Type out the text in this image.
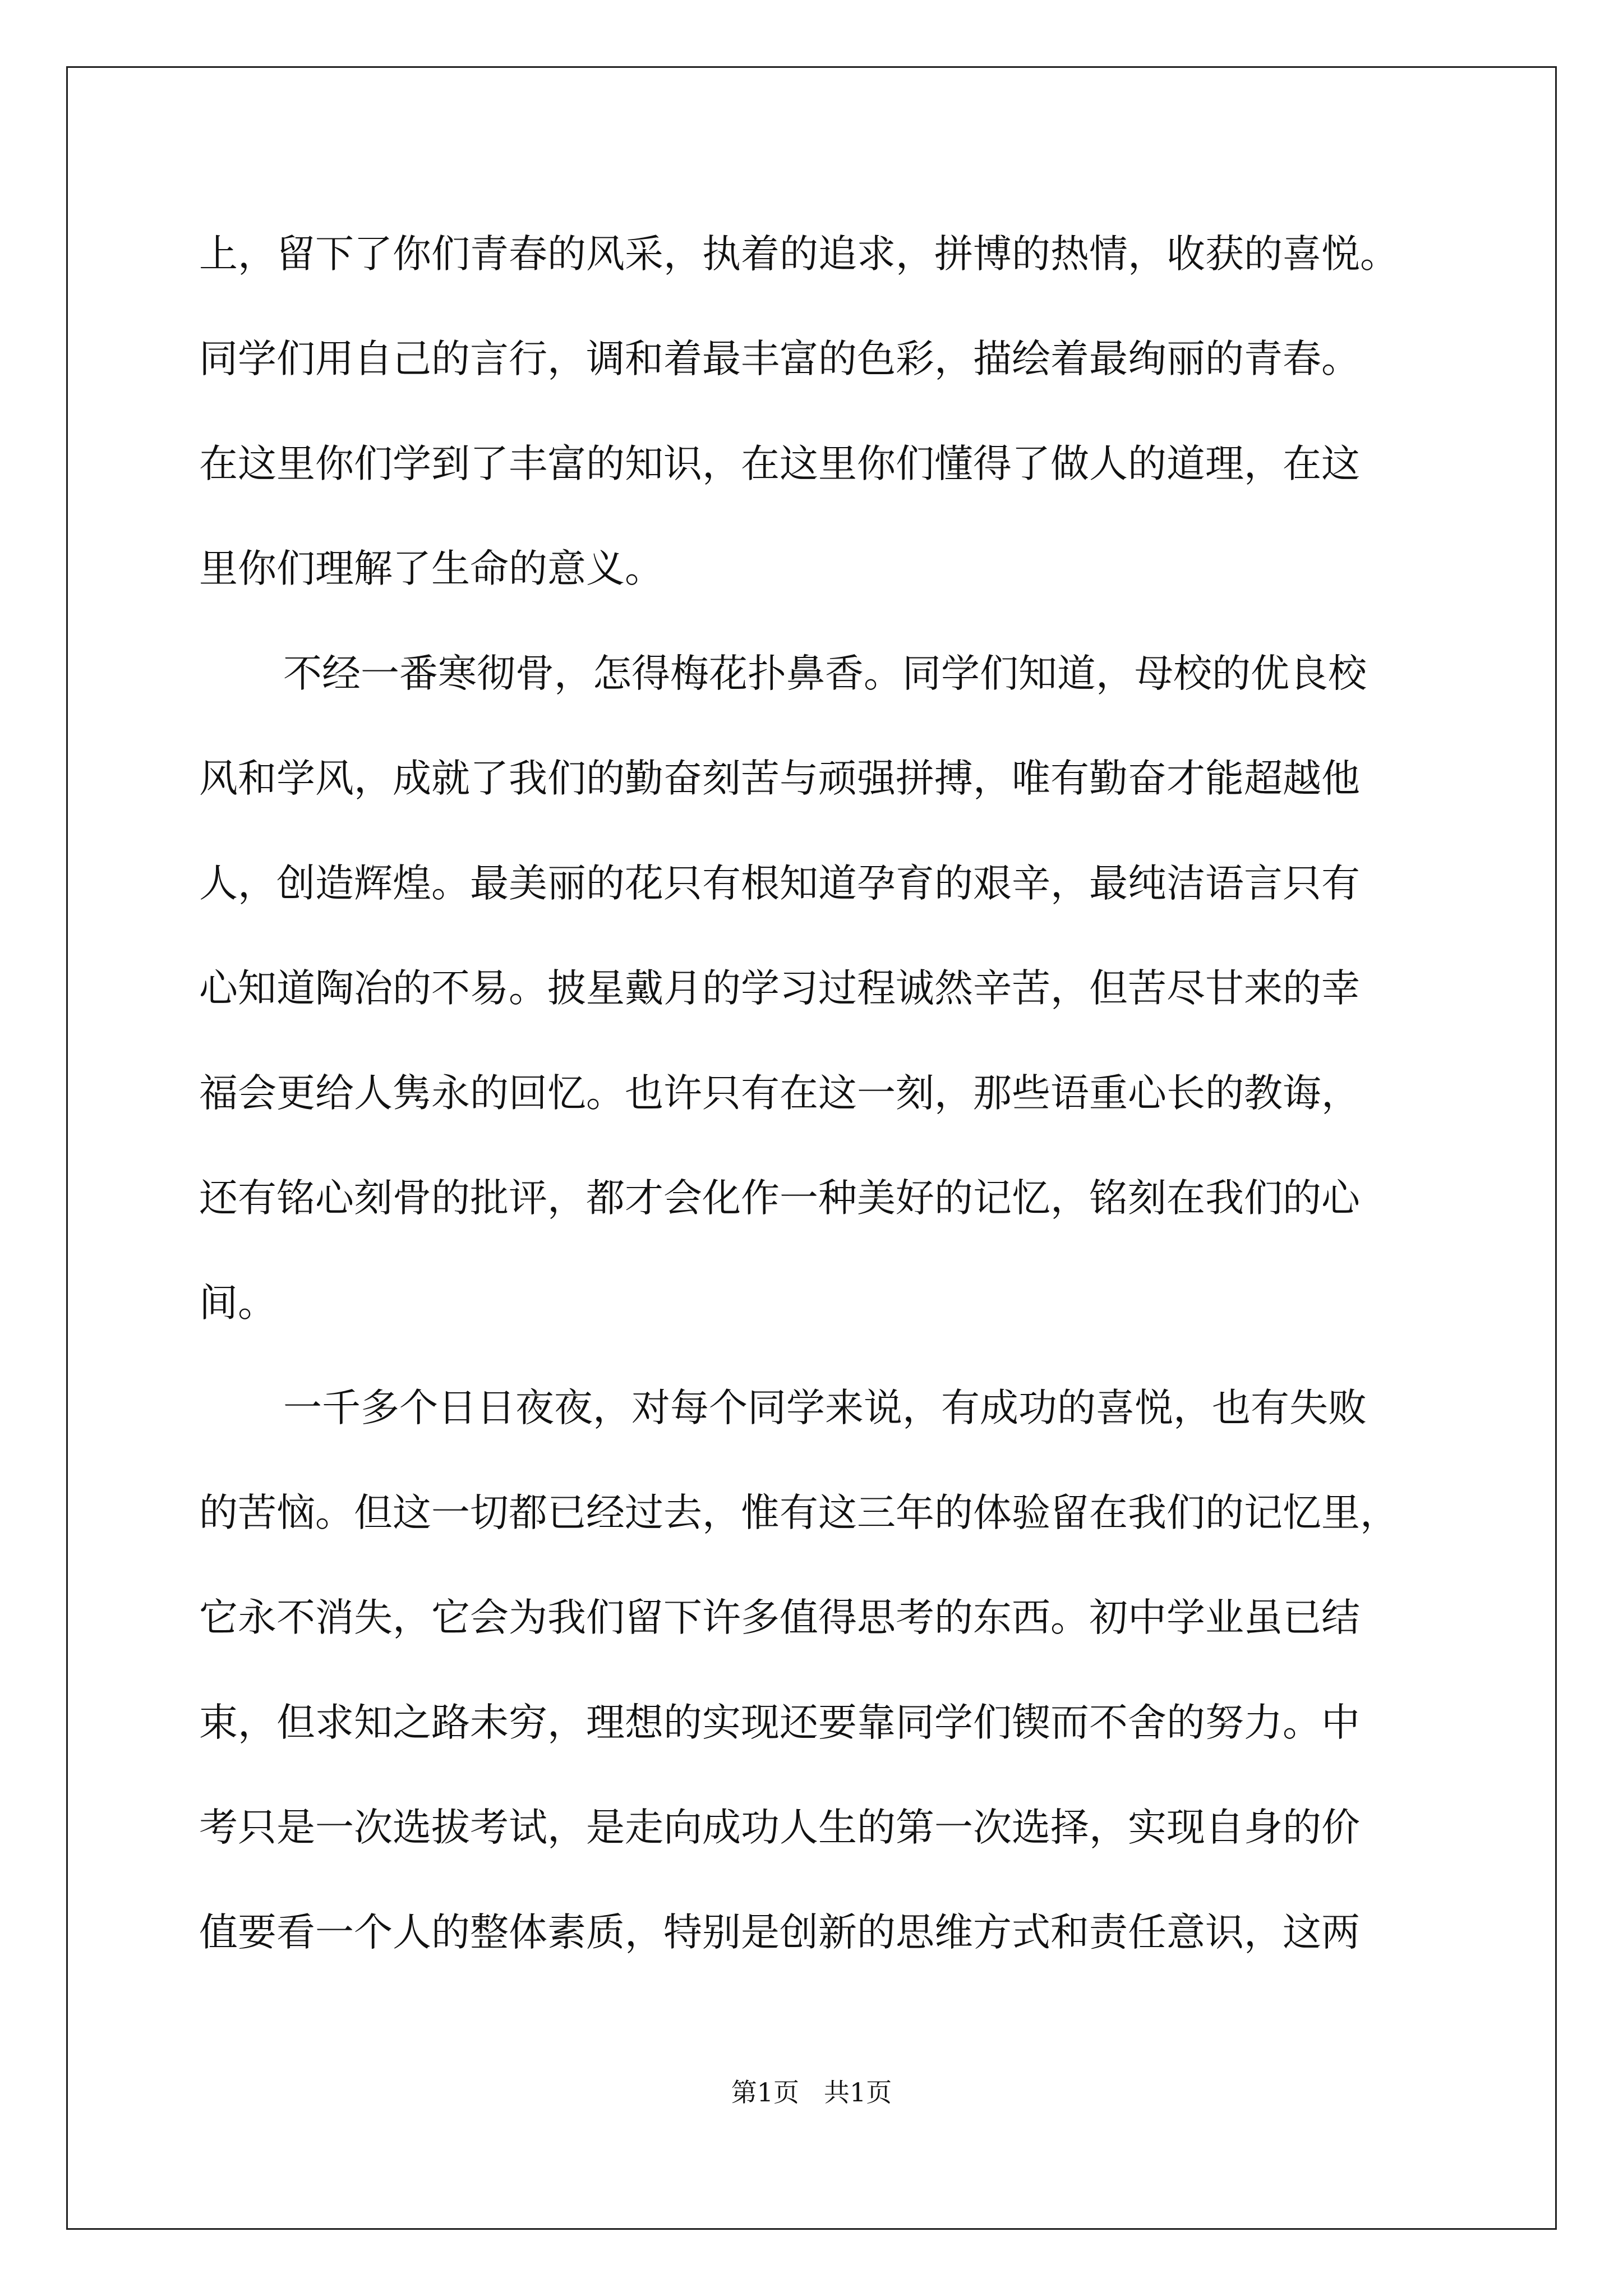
上，留下了你们青春的风采，执着的追求，拼博的热情，收获的喜悦。
同学们用自己的言行，调和着最丰富的色彩，描绘着最绚丽的青春。
在这里你们学到了丰富的知识，在这里你们懂得了做人的道理，在这
里你们理解了生命的意义。
不经一番寒彻骨，怎得梅花扑鼻香。同学们知道，母校的优良校
风和学风，成就了我们的勤奋刻苦与顽强拼搏，唯有勤奋才能超越他
人，创造辉煌。最美丽的花只有根知道孕育的艰辛，最纯洁语言只有
心知道陶冶的不易。披星戴月的学习过程诚然辛苦，但苦尽甘来的幸
福会更给人隽永的回忆。也许只有在这一刻，那些语重心长的教诲，
还有铭心刻骨的批评，都才会化作一种美好的记忆，铭刻在我们的心
间。
一千多个日日夜夜，对每个同学来说，有成功的喜悦，也有失败
的苦恼。但这一切都已经过去，惟有这三年的体验留在我们的记忆里，
它永不消失，它会为我们留下许多值得思考的东西。初中学业虽已结
束，但求知之路未穷，理想的实现还要靠同学们锲而不舍的努力。中
考只是一次选拔考试，是走向成功人生的第一次选择，实现自身的价
值要看一个人的整体素质，特别是创新的思维方式和责任意识，这两
第1页 共1页
